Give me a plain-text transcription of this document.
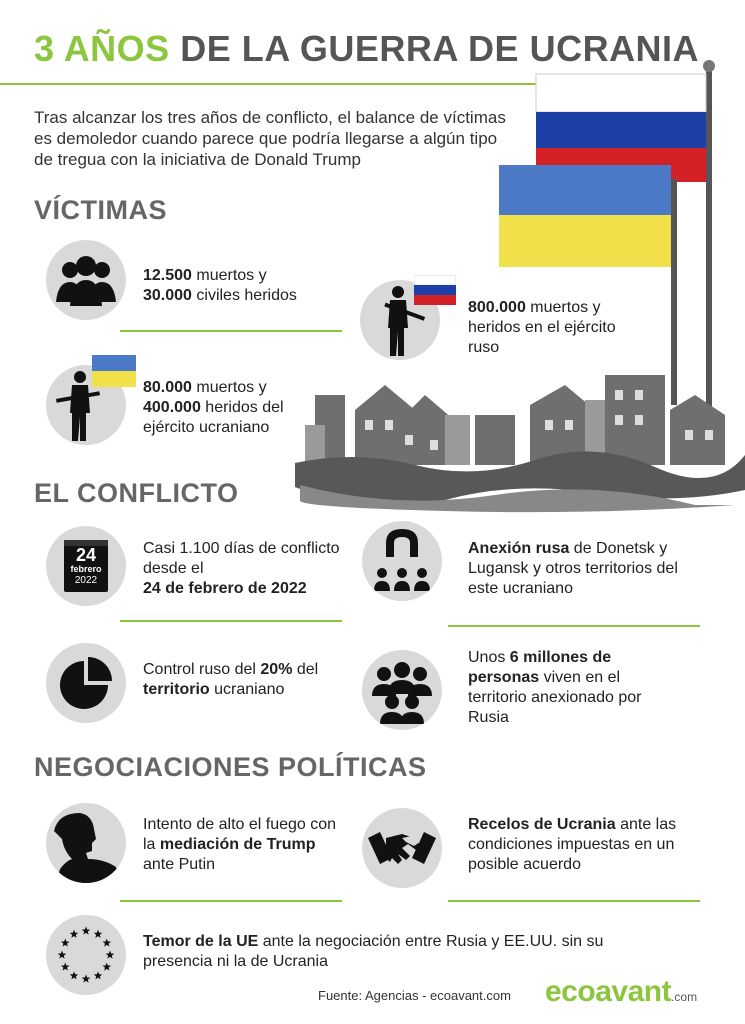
3 AÑOS DE LA GUERRA DE UCRANIA
Tras alcanzar los tres años de conflicto, el balance de víctimas es demoledor cuando parece que podría llegarse a algún tipo de tregua con la iniciativa de Donald Trump
VÍCTIMAS
12.500 muertos y
30.000 civiles heridos
800.000 muertos y heridos en el ejército ruso
80.000 muertos y
400.000 heridos del ejército ucraniano
EL CONFLICTO
24
febrero
2022
Casi 1.100 días de conflicto desde el
24 de febrero de 2022
Anexión rusa de Donetsk y Lugansk y otros territorios del este ucraniano
Control ruso del 20% del territorio ucraniano
Unos 6 millones de personas viven en el territorio anexionado por Rusia
NEGOCIACIONES POLÍTICAS
Intento de alto el fuego con la mediación de Trump ante Putin
Recelos de Ucrania ante las condiciones impuestas en un posible acuerdo
Temor de la UE ante la negociación entre Rusia y EE.UU. sin su presencia ni la de Ucrania
Fuente: Agencias - ecoavant.com ecoavant.com
